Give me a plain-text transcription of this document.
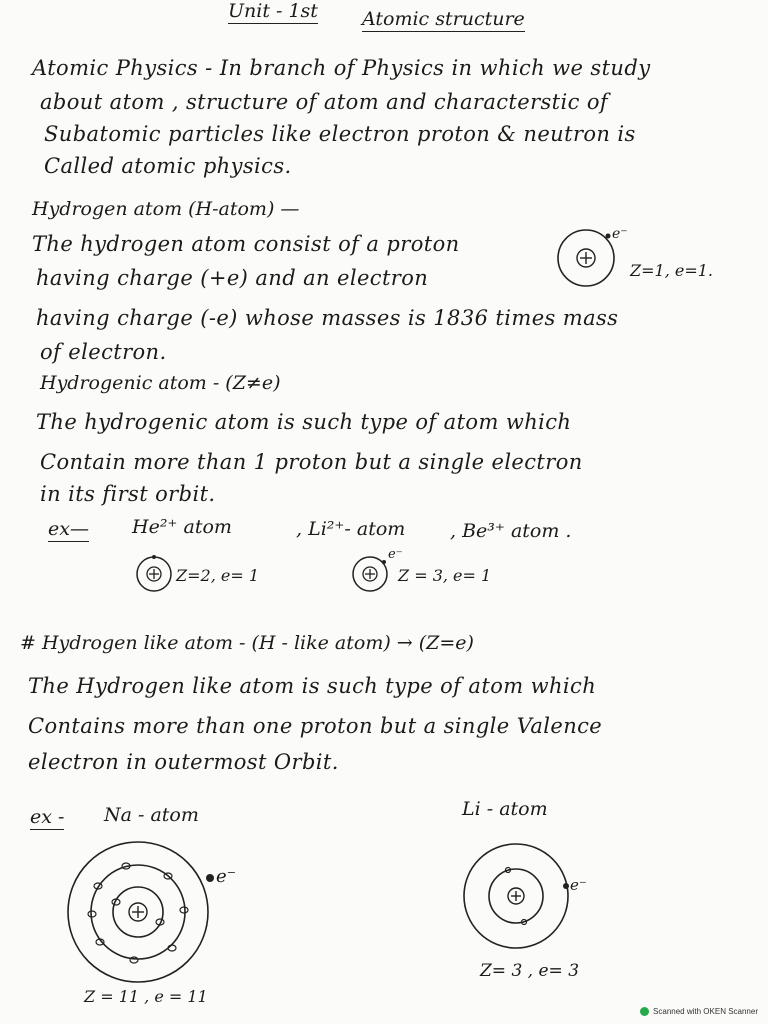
Unit - 1st Atomic structure
Atomic Physics - In branch of Physics in which we study
about atom , structure of atom and characterstic of
Subatomic particles like electron proton & neutron is
Called atomic physics.
Hydrogen atom (H-atom) —
The hydrogen atom consist of a proton
having charge (+e) and an electron
having charge (-e) whose masses is 1836 times mass
of electron.
e⁻
Z=1, e=1.
Hydrogenic atom - (Z≠e)
The hydrogenic atom is such type of atom which
Contain more than 1 proton but a single electron
in its first orbit.
ex— He²⁺ atom	, Li²⁺- atom , Be³⁺ atom .
Z=2, e= 1
e⁻
Z = 3, e= 1
# Hydrogen like atom - (H - like atom) → (Z=e)
The Hydrogen like atom is such type of atom which
Contains more than one proton but a single Valence
electron in outermost Orbit.
ex - Na - atom	Li - atom
e⁻
Z = 11 , e = 11
e⁻
Z= 3 , e= 3
Scanned with OKEN Scanner
